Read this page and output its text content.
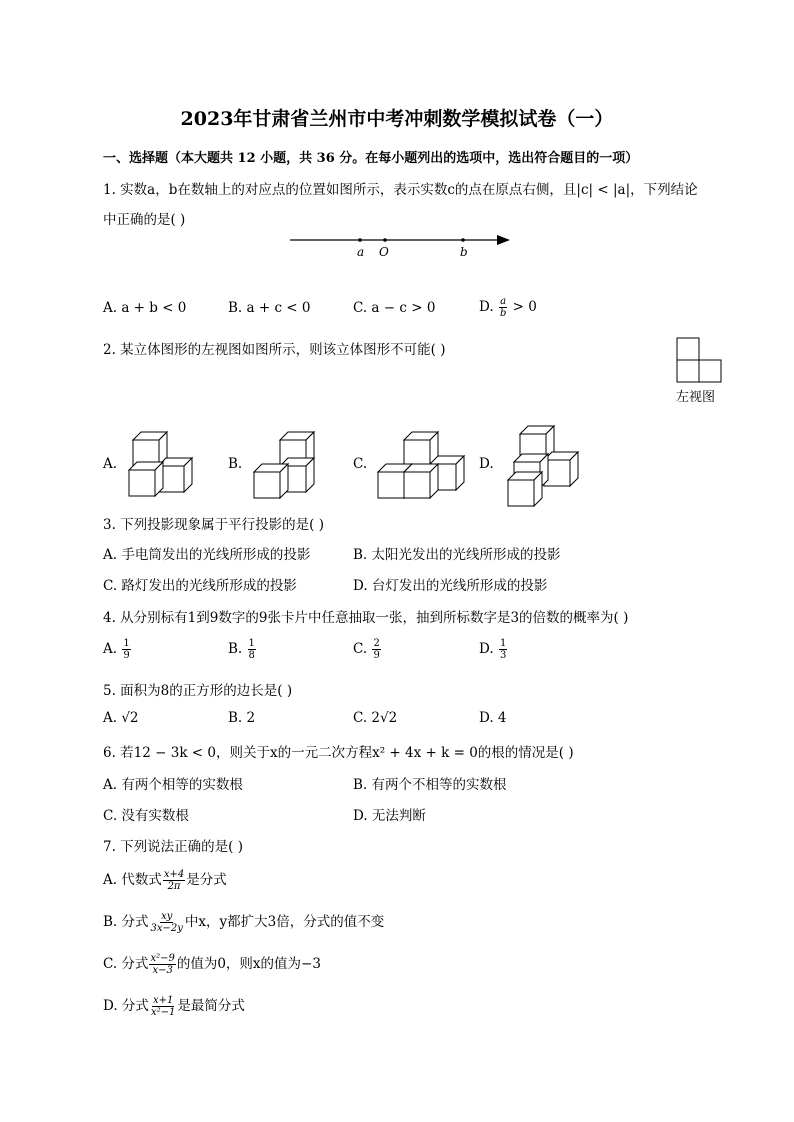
2023年甘肃省兰州市中考冲刺数学模拟试卷（一）
一、选择题（本大题共 12 小题，共 36 分。在每小题列出的选项中，选出符合题目的一项）
1. 实数a，b在数轴上的对应点的位置如图所示，表示实数c的点在原点右侧，且|c| < |a|，下列结论
中正确的是( )
a O	b
A. a + b < 0	B. a + c < 0	C. a − c > 0	D. $\frac{a}{b} > 0$
2. 某立体图形的左视图如图所示，则该立体图形不可能( )
左视图
A.	B.	C.	D.
3. 下列投影现象属于平行投影的是( )
A. 手电筒发出的光线所形成的投影	B. 太阳光发出的光线所形成的投影
C. 路灯发出的光线所形成的投影	D. 台灯发出的光线所形成的投影
4. 从分别标有1到9数字的9张卡片中任意抽取一张，抽到所标数字是3的倍数的概率为( )
A. $\frac{1}{9}$	B. $\frac{1}{8}$	C. $\frac{2}{9}$	D. $\frac{1}{3}$
5. 面积为8的正方形的边长是( )
A. √2	B. 2	C. 2√2	D. 4
6. 若12 − 3k < 0，则关于x的一元二次方程x² + 4x + k = 0的根的情况是( )
A. 有两个相等的实数根	B. 有两个不相等的实数根
C. 没有实数根	D. 无法判断
7. 下列说法正确的是( )
A. 代数式 $\frac{x+4}{2\pi}$ 是分式
B. 分式 $\frac{xy}{3x-2y}$ 中x，y都扩大3倍，分式的值不变
C. 分式 $\frac{\text{x²−9}}{x-3}$ 的值为0，则x的值为−3
D. 分式 $\frac{x+1}{\text{x²−1}}$ 是最简分式
